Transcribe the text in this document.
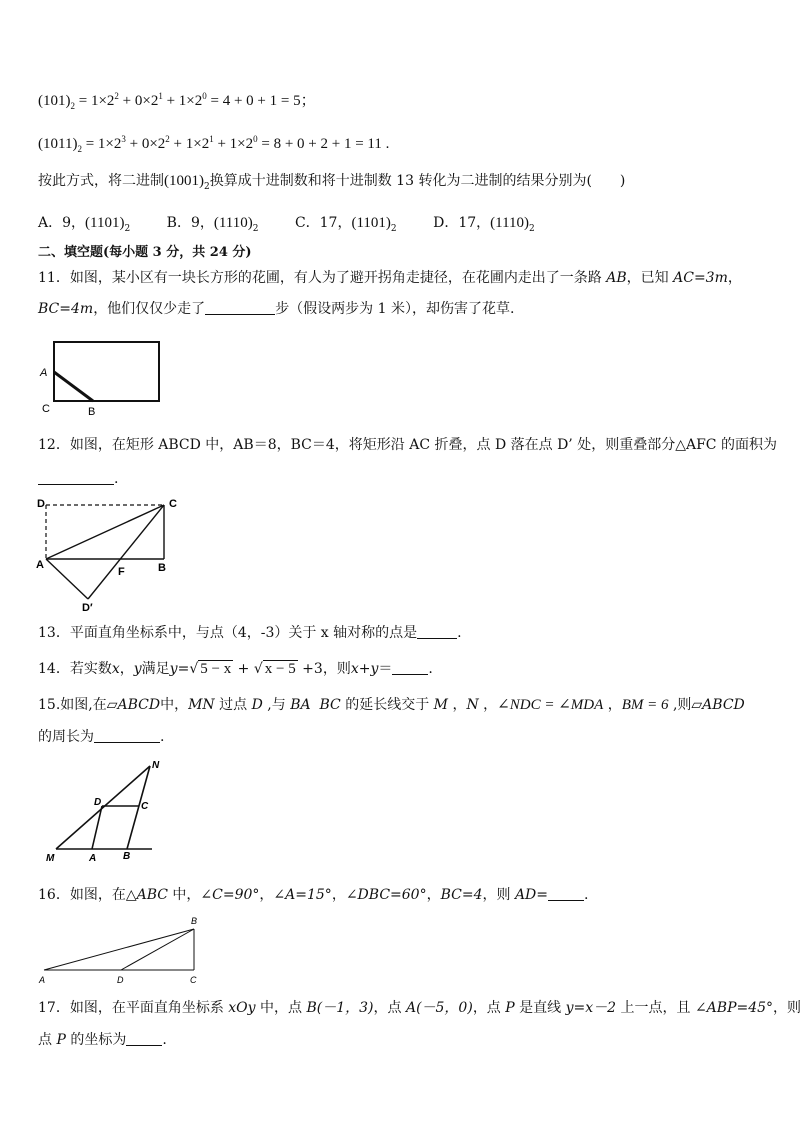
$(101)_2 = 1\times 2^2 + 0\times 2^1 + 1\times 2^0 = 4 + 0 + 1 = 5$；
$(1011)_2 = 1\times 2^3 + 0\times 2^2 + 1\times 2^1 + 1\times 2^0 = 8 + 0 + 2 + 1 = 11$ .
按此方式，将二进制$(1001)_2$换算成十进制数和将十进制数 13 转化为二进制的结果分别为(　　)
A．9，$(1101)_2$	B．9，$(1110)_2$	C．17，$(1101)_2$	D．17，$(1110)_2$
二、填空题(每小题 3 分，共 24 分)
11．如图，某小区有一块长方形的花圃，有人为了避开拐角走捷径，在花圃内走出了一条路 AB，已知 AC=3m，
BC=4m，他们仅仅少走了	步（假设两步为 1 米），却伤害了花草.
A
C	B
12．如图，在矩形 ABCD 中，AB＝8，BC＝4，将矩形沿 AC 折叠，点 D 落在点 D’ 处，则重叠部分△AFC 的面积为
.
D	C
A
F	B
D′
13．平面直角坐标系中，与点（4，-3）关于 x 轴对称的点是	.
14．若实数x，y满足y=√ 5 − x + √ x − 5 +3，则x+y＝	.
15.如图,在▱ABCD中，MN 过点 D ,与 BA BC 的延长线交于 M ，N ，∠NDC = ∠MDA ，BM = 6 ,则▱ABCD
的周长为	.
N
D	C
M	A	B
16．如图，在△ABC 中，∠C=90°，∠A=15°，∠DBC=60°，BC=4，则 AD=	.
B
A	D	C
17．如图，在平面直角坐标系 xOy 中，点 B(－1，3)，点 A(－5，0)，点 P 是直线 y=x－2 上一点，且 ∠ABP=45°，则
点 P 的坐标为	.
